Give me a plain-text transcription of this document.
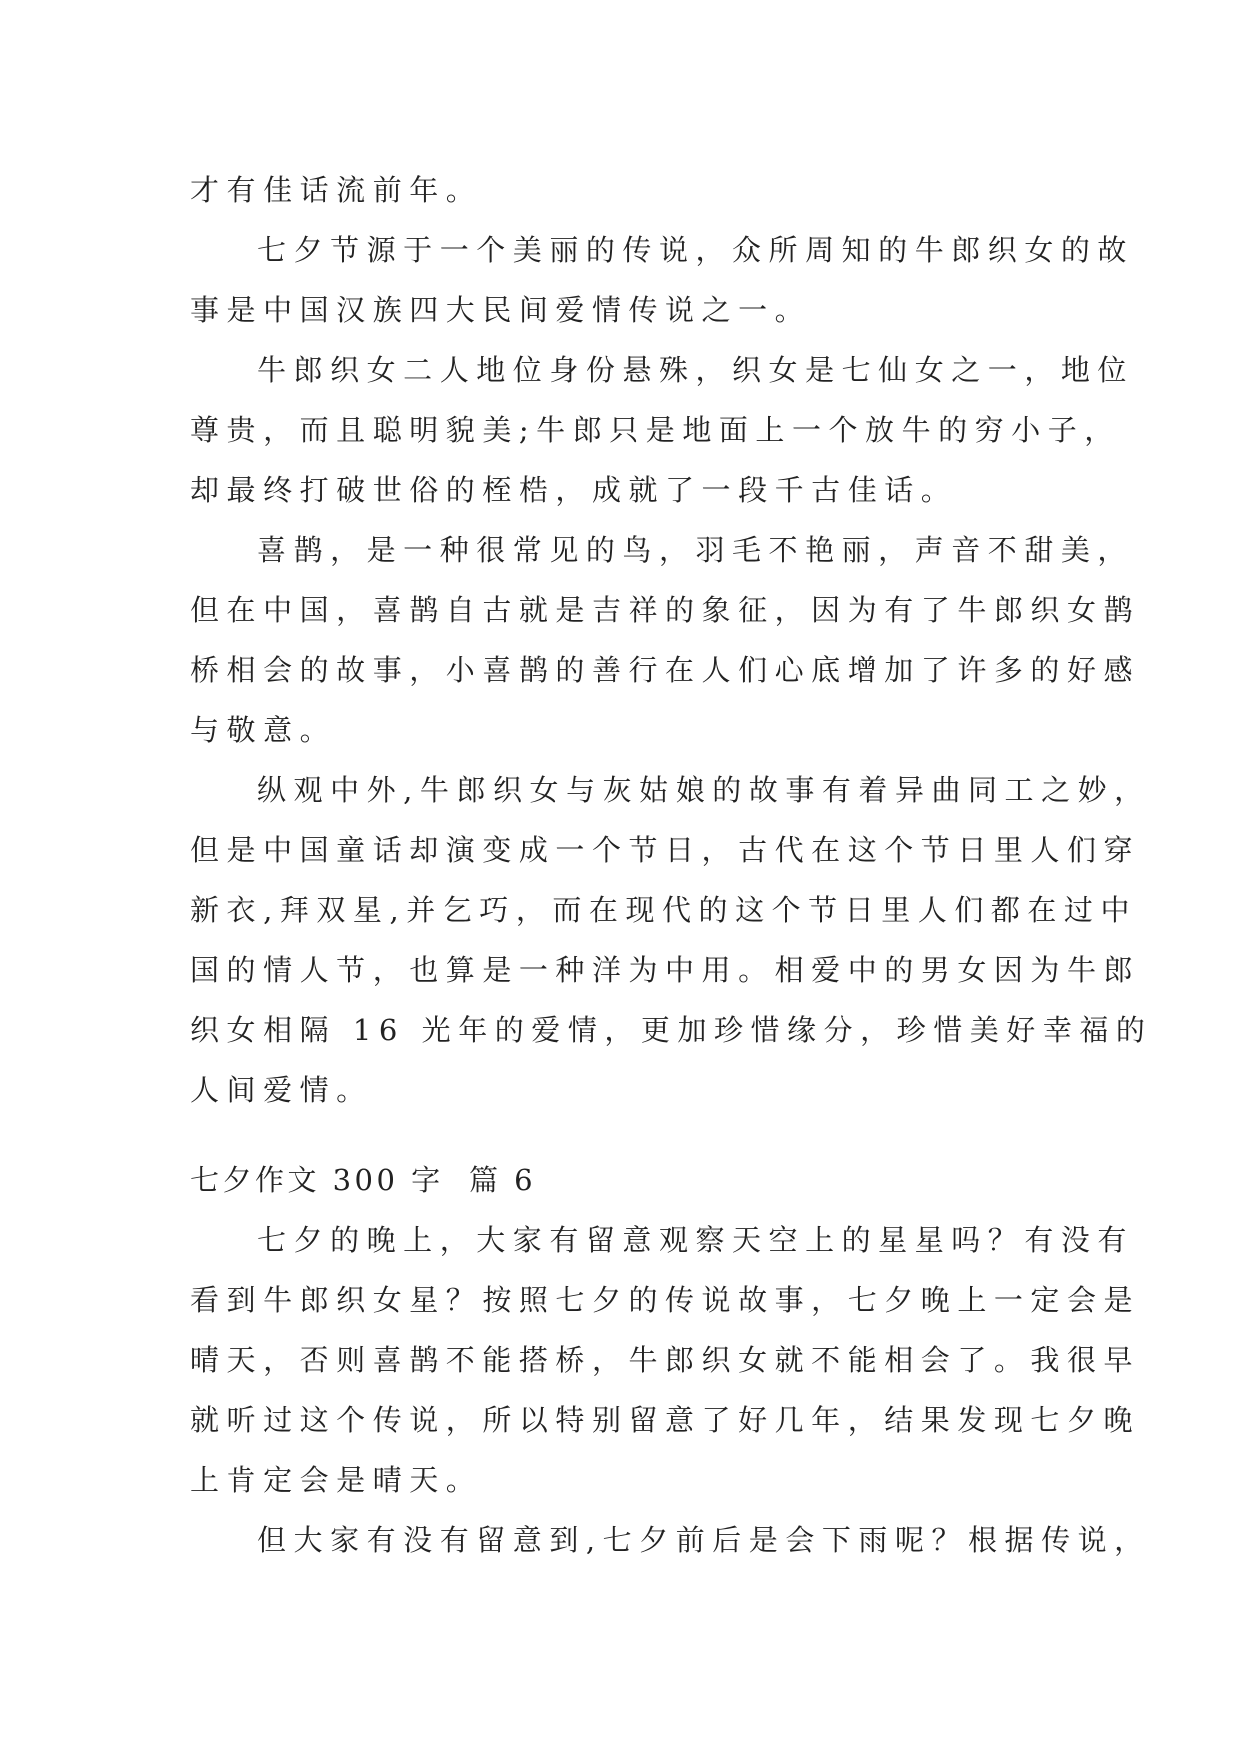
才有佳话流前年。
七夕节源于一个美丽的传说，众所周知的牛郎织女的故
事是中国汉族四大民间爱情传说之一。
牛郎织女二人地位身份悬殊，织女是七仙女之一，地位
尊贵，而且聪明貌美;牛郎只是地面上一个放牛的穷小子，
却最终打破世俗的桎梏，成就了一段千古佳话。
喜鹊，是一种很常见的鸟，羽毛不艳丽，声音不甜美，
但在中国，喜鹊自古就是吉祥的象征，因为有了牛郎织女鹊
桥相会的故事，小喜鹊的善行在人们心底增加了许多的好感
与敬意。
纵观中外,牛郎织女与灰姑娘的故事有着异曲同工之妙，
但是中国童话却演变成一个节日，古代在这个节日里人们穿
新衣,拜双星,并乞巧，而在现代的这个节日里人们都在过中
国的情人节，也算是一种洋为中用。相爱中的男女因为牛郎
织女相隔 16 光年的爱情，更加珍惜缘分，珍惜美好幸福的
人间爱情。
七夕作文 300 字  篇 6
七夕的晚上，大家有留意观察天空上的星星吗？有没有
看到牛郎织女星？按照七夕的传说故事，七夕晚上一定会是
晴天，否则喜鹊不能搭桥，牛郎织女就不能相会了。我很早
就听过这个传说，所以特别留意了好几年，结果发现七夕晚
上肯定会是晴天。
但大家有没有留意到,七夕前后是会下雨呢？根据传说，
